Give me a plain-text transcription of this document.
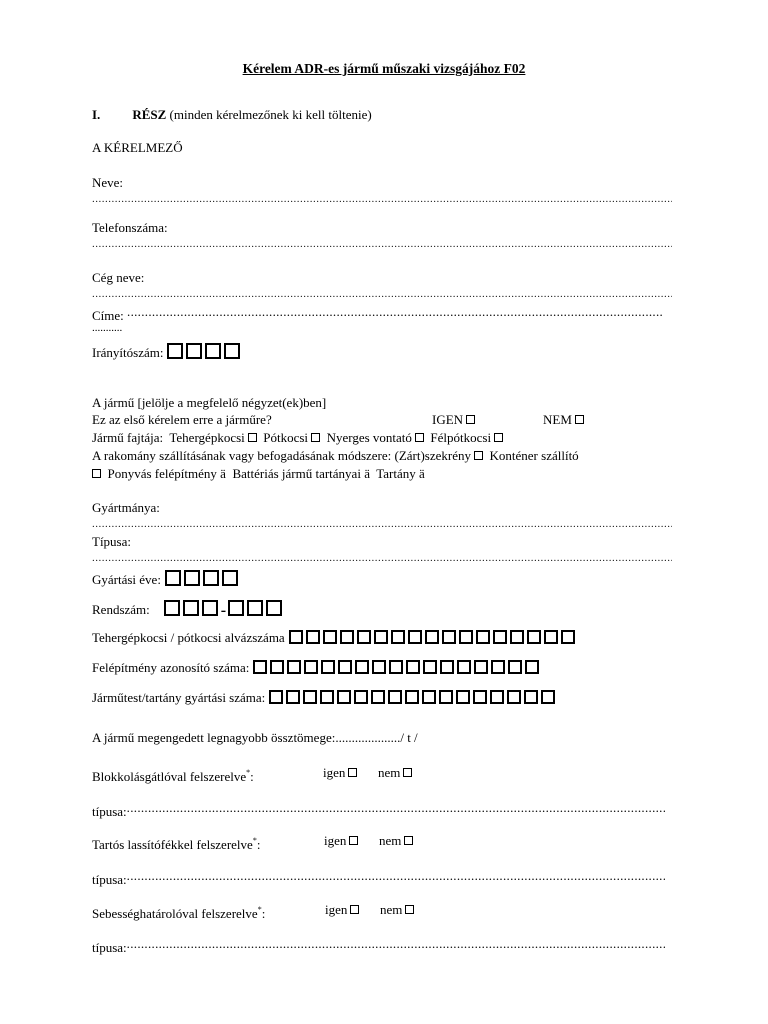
Kérelem ADR-es jármű műszaki vizsgájához F02
I. RÉSZ (minden kérelmezőnek ki kell töltenie)
A KÉRELMEZŐ
Neve:
.....
Telefonszáma:
.....
Cég neve:
.....
Címe: .....
...........
Irányítószám:
A jármű [jelölje a megfelelő négyzet(ek)ben]
Ez az első kérelem erre a járműre?	IGEN	NEM
Jármű fajtája: Tehergépkocsi Pótkocsi Nyerges vontató Félpótkocsi
A rakomány szállításának vagy befogadásának módszere: (Zárt)szekrény Konténer szállító
Ponyvás felépítmény ä Battériás jármű tartányai ä Tartány ä
Gyártmánya:
.....
Típusa:
.....
Gyártási éve:
Rendszám:	-
Tehergépkocsi / pótkocsi alvázszáma
Felépítmény azonosító száma:
Járműtest/tartány gyártási száma:
A jármű megengedett legnagyobb össztömege:..................../ t /
Blokkolásgátlóval felszerelve*:	igen	nem
típusa:.....
Tartós lassítófékkel felszerelve*:	igen	nem
típusa:.....
Sebességhatárolóval felszerelve*:	igen	nem
típusa:.....
